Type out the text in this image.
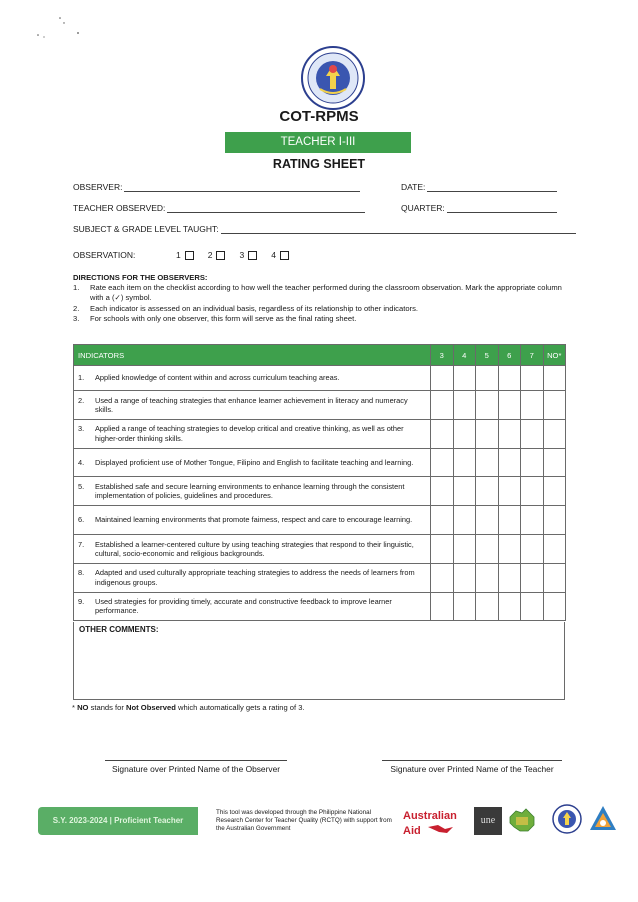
COT-RPMS
TEACHER I-III
RATING SHEET
OBSERVER:	DATE:
TEACHER OBSERVED:	QUARTER:
SUBJECT & GRADE LEVEL TAUGHT:
OBSERVATION:	1	2	3	4
DIRECTIONS FOR THE OBSERVERS:
1.	Rate each item on the checklist according to how well the teacher performed during the classroom observation. Mark the appropriate column with a (✓) symbol.
2.	Each indicator is assessed on an individual basis, regardless of its relationship to other indicators.
3.	For schools with only one observer, this form will serve as the final rating sheet.
INDICATORS	3	4	5	6	7	NO*

1. Applied knowledge of content within and across curriculum teaching areas.						

2. Used a range of teaching strategies that enhance learner achievement in literacy and numeracy skills.						

3. Applied a range of teaching strategies to develop critical and creative thinking, as well as other higher-order thinking skills.						

4. Displayed proficient use of Mother Tongue, Filipino and English to facilitate teaching and learning.						

5. Established safe and secure learning environments to enhance learning through the consistent implementation of policies, guidelines and procedures.						

6. Maintained learning environments that promote fairness, respect and care to encourage learning.						

7. Established a learner-centered culture by using teaching strategies that respond to their linguistic, cultural, socio-economic and religious backgrounds.						

8. Adapted and used culturally appropriate teaching strategies to address the needs of learners from indigenous groups.						

9. Used strategies for providing timely, accurate and constructive feedback to improve learner performance.						

OTHER COMMENTS:
* NO stands for Not Observed which automatically gets a rating of 3.
Signature over Printed Name of the Observer	Signature over Printed Name of the Teacher
S.Y. 2023-2024 | Proficient Teacher
This tool was developed through the Philippine National Research Center for Teacher Quality (RCTQ) with support from the Australian Government
Australian
Aid
une
